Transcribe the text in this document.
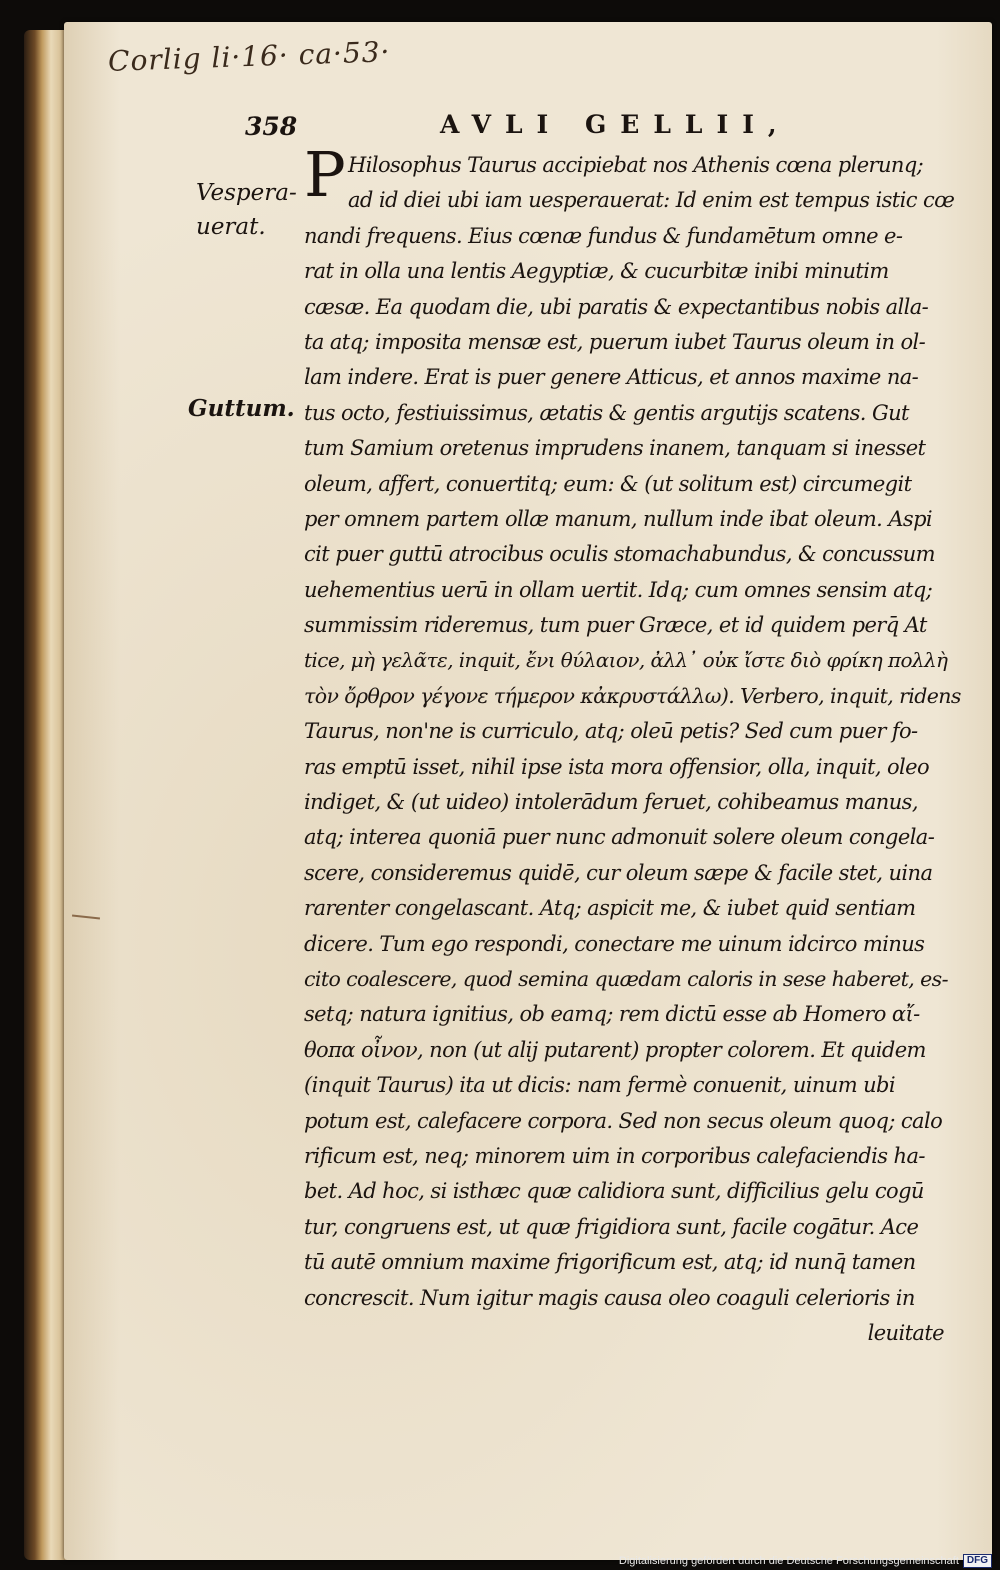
Corlig li·16· ca·53·
358	AVLI GELLII,
Vespera- uerat.
Guttum.
P Hilosophus Taurus accipiebat nos Athenis cœna plerunq;
ad id diei ubi iam uesperauerat: Id enim est tempus istic cœ
nandi frequens. Eius cœnæ fundus & fundamētum omne e-
rat in olla una lentis Aegyptiæ, & cucurbitæ inibi minutim
cæsæ. Ea quodam die, ubi paratis & expectantibus nobis alla-
ta atq; imposita mensæ est, puerum iubet Taurus oleum in ol-
lam indere. Erat is puer genere Atticus, et annos maxime na-
tus octo, festiuissimus, ætatis & gentis argutijs scatens. Gut
tum Samium oretenus imprudens inanem, tanquam si inesset
oleum, affert, conuertitq; eum: & (ut solitum est) circumegit
per omnem partem ollæ manum, nullum inde ibat oleum. Aspi
cit puer guttū atrocibus oculis stomachabundus, & concussum
uehementius uerū in ollam uertit. Idq; cum omnes sensim atq;
summissim rideremus, tum puer Græce, et id quidem perq̄ At
tice, μὴ γελᾶτε, inquit, ἔνι θύλαιον, ἀλλ᾽ οὐκ ἴστε διὸ φρίκη πολλὴ
τὸν ὄρθρον γέγονε τήμερον κἀκρυστάλλω). Verbero, inquit, ridens
Taurus, non'ne is curriculo, atq; oleū petis? Sed cum puer fo-
ras emptū isset, nihil ipse ista mora offensior, olla, inquit, oleo
indiget, & (ut uideo) intolerādum feruet, cohibeamus manus,
atq; interea quoniā puer nunc admonuit solere oleum congela-
scere, consideremus quidē, cur oleum sæpe & facile stet, uina
rarenter congelascant. Atq; aspicit me, & iubet quid sentiam
dicere. Tum ego respondi, conectare me uinum idcirco minus
cito coalescere, quod semina quædam caloris in sese haberet, es-
setq; natura ignitius, ob eamq; rem dictū esse ab Homero αἴ-
θοπα οἶνον, non (ut alij putarent) propter colorem. Et quidem
(inquit Taurus) ita ut dicis: nam fermè conuenit, uinum ubi
potum est, calefacere corpora. Sed non secus oleum quoq; calo
rificum est, neq; minorem uim in corporibus calefaciendis ha-
bet. Ad hoc, si isthæc quæ calidiora sunt, difficilius gelu cogū
tur, congruens est, ut quæ frigidiora sunt, facile cogātur. Ace
tū autē omnium maxime frigorificum est, atq; id nunq̄ tamen
concrescit. Num igitur magis causa oleo coaguli celerioris in
leuitate
Digitalisierung gefördert durch die Deutsche Forschungsgemeinschaft DFG
